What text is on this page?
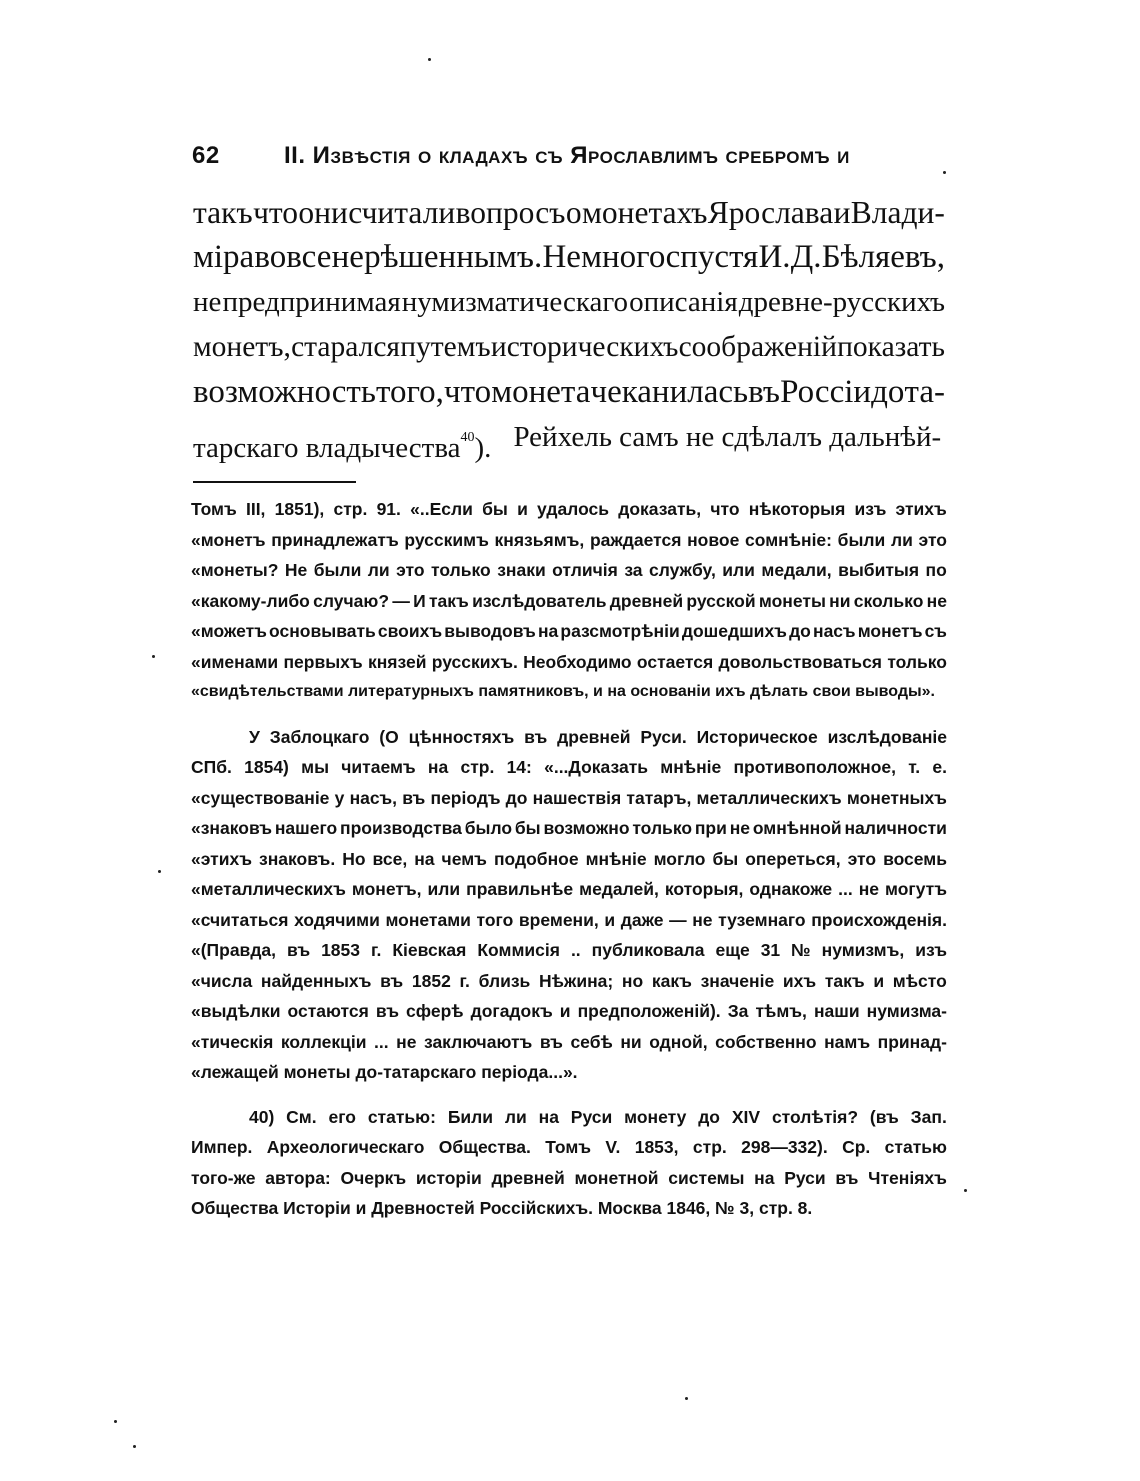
62	II. Извѣстія о кладахъ съ Ярославлимъ сребромъ и
такъ что они считали вопросъ о монетахъ Ярослава и Влади-
міра вовсе не рѣшеннымъ. Не много спустя И. Д. Бѣляевъ,
не предпринимая нумизматическаго описанія древне-русскихъ
монетъ, старался путемъ историческихъ соображеній показать
возможность того, что монета чеканилась въ Россіи до та-
тарскаго владычества$^{40}$). Рейхель самъ не сдѣлалъ дальнѣй-
Томъ III, 1851), стр. 91. «..Если бы и удалось доказать, что нѣкоторыя изъ этихъ
«монетъ принадлежатъ русскимъ князьямъ, раждается новое сомнѣніе: были ли это
«монеты? Не были ли это только знаки отличія за службу, или медали, выбитыя по
«какому-либо случаю? — И такъ изслѣдователь древней русской монеты ни сколько не
«можетъ основывать своихъ выводовъ на разсмотрѣніи дошедшихъ до насъ монетъ съ
«именами первыхъ князей русскихъ. Необходимо остается довольствоваться только
«свидѣтельствами литературныхъ памятниковъ, и на основаніи ихъ дѣлать свои выводы».
У Заблоцкаго (О цѣнностяхъ въ древней Руси. Историческое изслѣдованіе
СПб. 1854) мы читаемъ на стр. 14: «...Доказать мнѣніе противоположное, т. е.
«существованіе у насъ, въ періодъ до нашествія татаръ, металлическихъ монетныхъ
«знаковъ нашего производства было бы возможно только при не омнѣнной наличности
«этихъ знаковъ. Но все, на чемъ подобное мнѣніе могло бы опереться, это восемь
«металлическихъ монетъ, или правильнѣе медалей, которыя, однакоже ... не могутъ
«считаться ходячими монетами того времени, и даже — не туземнаго происхожденія.
«(Правда, въ 1853 г. Кіевская Коммисія .. публиковала еще 31 № нумизмъ, изъ
«числа найденныхъ въ 1852 г. близь Нѣжина; но какъ значеніе ихъ такъ и мѣсто
«выдѣлки остаются въ сферѣ догадокъ и предположеній). За тѣмъ, наши нумизма-
«тическія коллекціи ... не заключаютъ въ себѣ ни одной, собственно намъ принад-
«лежащей монеты до-татарскаго періода...».
40) См. его статью: Били ли на Руси монету до XIV столѣтія? (въ Зап.
Импер. Археологическаго Общества. Томъ V. 1853, стр. 298—332). Ср. статью
того-же автора: Очеркъ исторіи древней монетной системы на Руси въ Чтеніяхъ
Общества Исторіи и Древностей Россійскихъ. Москва 1846, № 3, стр. 8.
